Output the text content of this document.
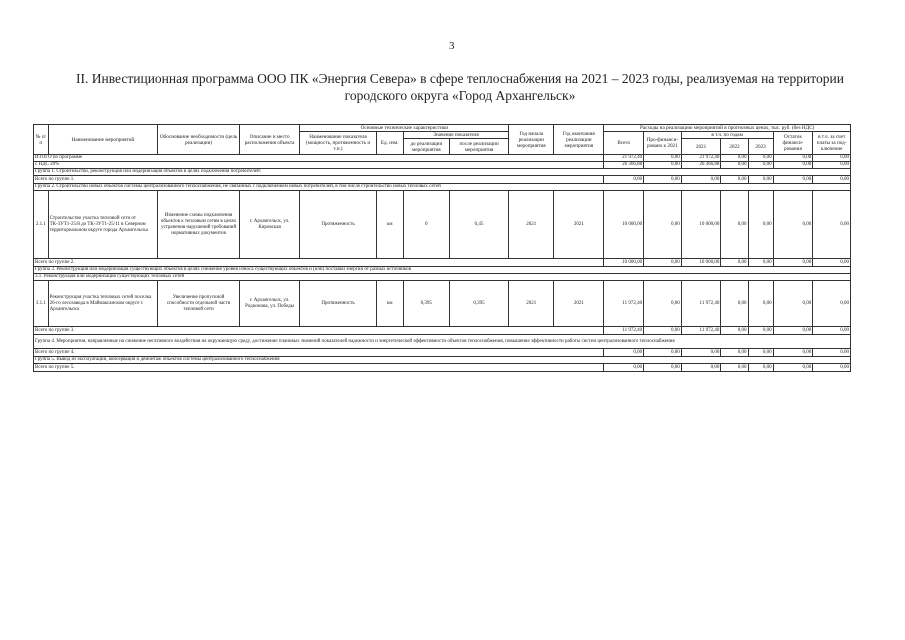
3
II. Инвестиционная программа ООО ПК «Энергия Севера» в сфере теплоснабжения на 2021 – 2023 годы, реализуемая на территории городского округа «Город Архангельск»
№ п/п	Наименование мероприятий	Обоснование необходимости (цель реализации)	Описание и место расположения объекта	Основные технические характеристики				Год начала реализации мероприятия	Год окончания реализации мероприятия	Расходы на реализацию мероприятий в прогнозных ценах, тыс. руб. (без НДС)						
				Наименование показателя (мощность, протяженность и т.п.)	Ед. изм.	Значение показателя				Всего	Про-финанси-ровано к 2021	в т.ч. по годам			Остаток финанси-рования	в т.ч. за счет платы за под-ключение
						до реализации мероприятия	после реализации мероприятия					2021	2022	2023		

ИТОГО по программе										21 972,40	0,00	21 972,40	0,00	0,00	0,00	0,00
с НДС 20%										26 366,88	0,00	26 366,88	0,00	0,00	0,00	0,00
Группа 1. Строительство, реконструкция или модернизация объектов в целях подключения потребителей:																
Всего по группе 1.										0,00	0,00	0,00	0,00	0,00	0,00	0,00
Группа 2. Строительство новых объектов системы централизованного теплоснабжения, не связанных с подключением новых потребителей, в том числе строительство новых тепловых сетей																
2.1.1	Строительство участка тепловой сети от ТК-3УТ1-25/8 до ТК-3УТ1-25/11 в Северном территориальном округе города Архангельска	Изменение схемы подключения объектов к тепловым сетям в целях устранения нарушений требований нормативных документов	г. Архангельск, ул. Кировская	Протяженность	км	0	0,45	2021	2021	10 000,00	0,00	10 000,00	0,00	0,00	0,00	0,00
Всего по группе 2.										10 000,00	0,00	10 000,00	0,00	0,00	0,00	0,00
Группа 3. Реконструкция или модернизация существующих объектов в целях снижения уровня износа существующих объектов и (или) поставки энергии от разных источников																
3.1. Реконструкция или модернизация существующих тепловых сетей																
3.1.1	Реконструкция участка тепловых сетей поселка 26-го лесозавода в Маймаксанском округе г. Архангельска	Увеличение пропускной способности отдельной части тепловой сети	г. Архангельск, ул. Родионова, ул. Победы	Протяженность	км	0,395	0,395	2021	2021	11 972,40	0,00	11 972,40	0,00	0,00	0,00	0,00
Всего по группе 3.										11 972,40	0,00	11 972,40	0,00	0,00	0,00	0,00
Группа 4. Мероприятия, направленные на снижение негативного воздействия на окружающую среду, достижение плановых значений показателей надежности и энергетической эффективности объектов теплоснабжения, повышение эффективности работы систем централизованного теплоснабжения																
Всего по группе 4.										0,00	0,00	0,00	0,00	0,00	0,00	0,00
Группа 5. Вывод из эксплуатации, консервация и демонтаж объектов системы централизованного теплоснабжения																
Всего по группе 5.										0,00	0,00	0,00	0,00	0,00	0,00	0,00
